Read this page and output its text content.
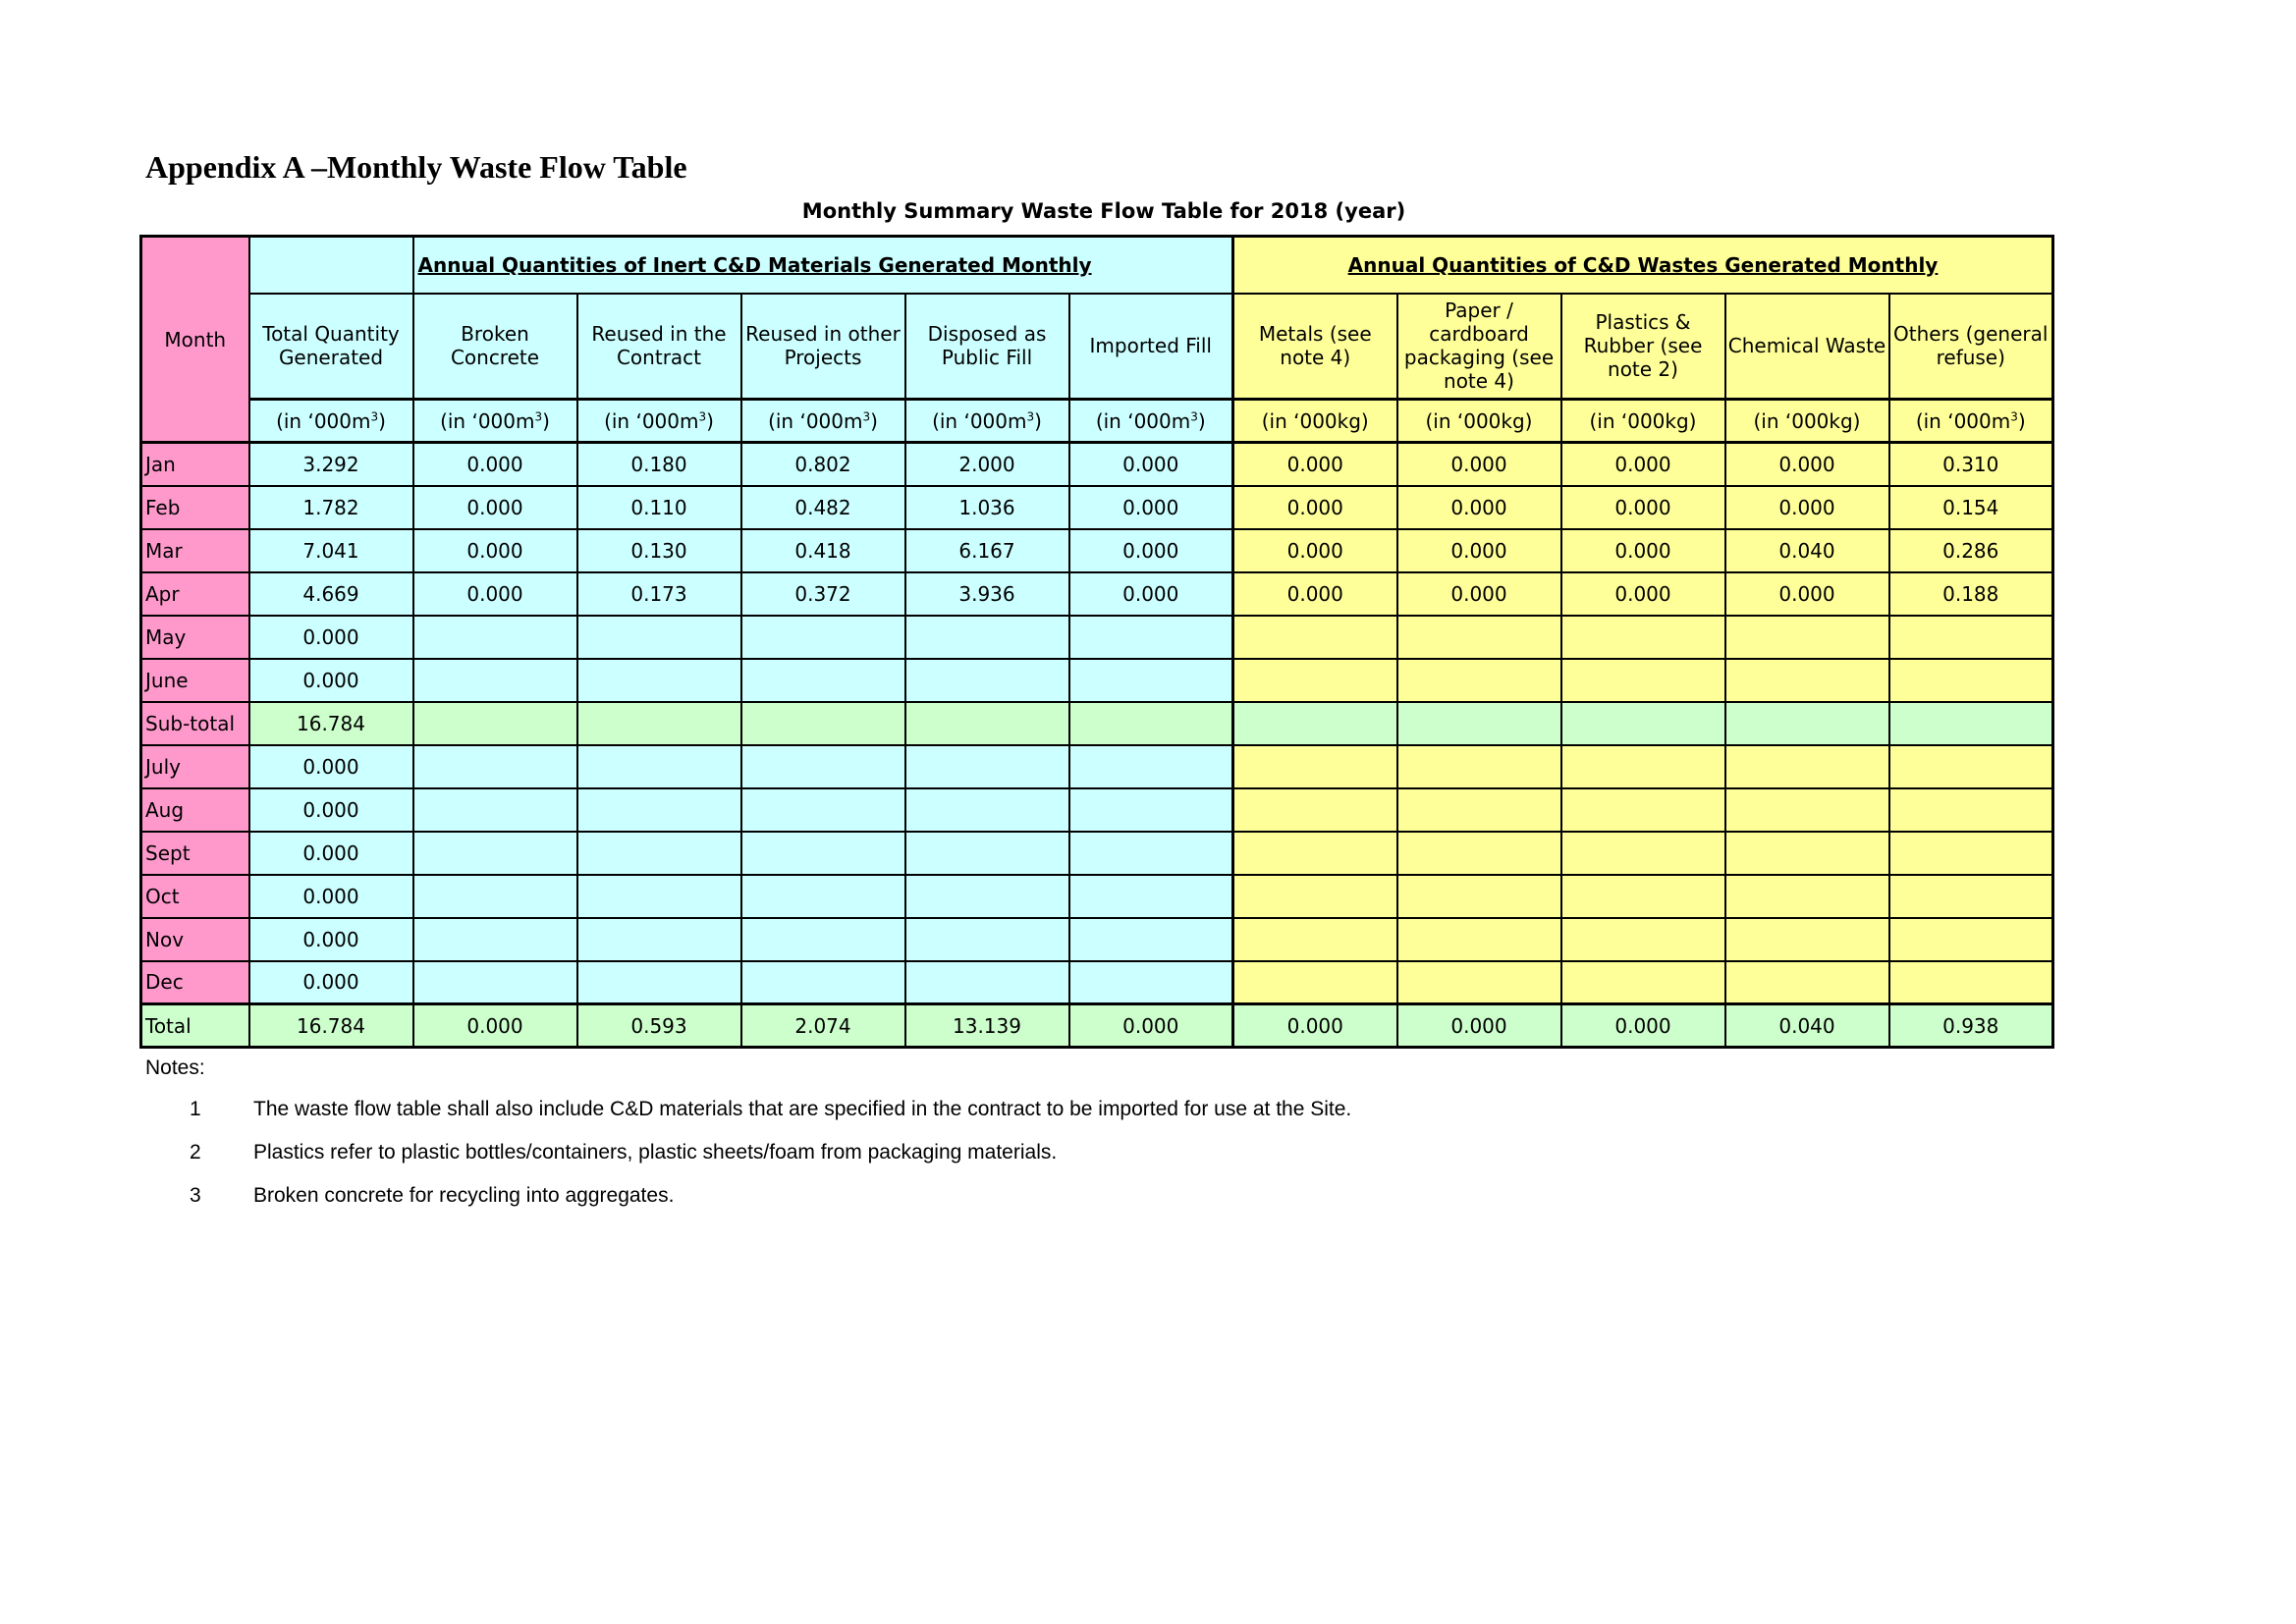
Appendix A –Monthly Waste Flow Table
Monthly Summary Waste Flow Table for 2018 (year)
Month		Annual Quantities of Inert C&D Materials Generated Monthly					Annual Quantities of C&D Wastes Generated Monthly				
	Total Quantity Generated	Broken Concrete	Reused in the Contract	Reused in other Projects	Disposed as Public Fill	Imported Fill	Metals (see note 4)	Paper / cardboard packaging (see note 4)	Plastics & Rubber (see note 2)	Chemical Waste	Others (general refuse)
	(in ‘$000m^3$)	(in ‘$000m^3$)	(in ‘$000m^3$)	(in ‘$000m^3$)	(in ‘$000m^3$)	(in ‘$000m^3$)	(in ‘000kg)	(in ‘000kg)	(in ‘000kg)	(in ‘000kg)	(in ‘$000m^3$)
Jan	3.292	0.000	0.180	0.802	2.000	0.000	0.000	0.000	0.000	0.000	0.310
Feb	1.782	0.000	0.110	0.482	1.036	0.000	0.000	0.000	0.000	0.000	0.154
Mar	7.041	0.000	0.130	0.418	6.167	0.000	0.000	0.000	0.000	0.040	0.286
Apr	4.669	0.000	0.173	0.372	3.936	0.000	0.000	0.000	0.000	0.000	0.188
May	0.000										
June	0.000										
Sub-total	16.784										
July	0.000										
Aug	0.000										
Sept	0.000										
Oct	0.000										
Nov	0.000										
Dec	0.000										
Total	16.784	0.000	0.593	2.074	13.139	0.000	0.000	0.000	0.000	0.040	0.938
Notes:
1	The waste flow table shall also include C&D materials that are specified in the contract to be imported for use at the Site.
2	Plastics refer to plastic bottles/containers, plastic sheets/foam from packaging materials.
3	Broken concrete for recycling into aggregates.
